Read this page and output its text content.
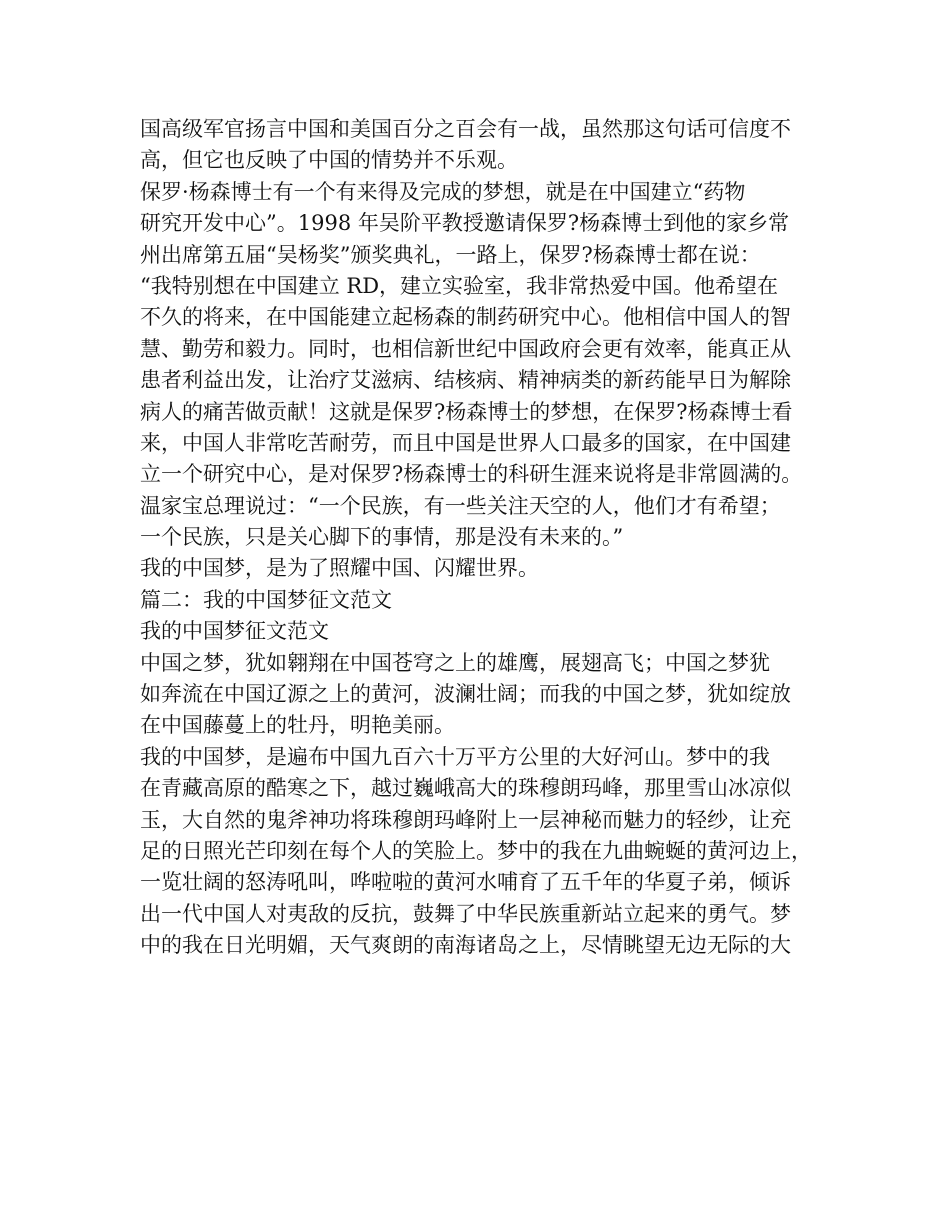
国高级军官扬言中国和美国百分之百会有一战，虽然那这句话可信度不
高，但它也反映了中国的情势并不乐观。
保罗·杨森博士有一个有来得及完成的梦想，就是在中国建立“药物
研究开发中心”。1998 年吴阶平教授邀请保罗?杨森博士到他的家乡常
州出席第五届“吴杨奖”颁奖典礼，一路上，保罗?杨森博士都在说：
“我特别想在中国建立 RD，建立实验室，我非常热爱中国。他希望在
不久的将来，在中国能建立起杨森的制药研究中心。他相信中国人的智
慧、勤劳和毅力。同时，也相信新世纪中国政府会更有效率，能真正从
患者利益出发，让治疗艾滋病、结核病、精神病类的新药能早日为解除
病人的痛苦做贡献！这就是保罗?杨森博士的梦想，在保罗?杨森博士看
来，中国人非常吃苦耐劳，而且中国是世界人口最多的国家，在中国建
立一个研究中心，是对保罗?杨森博士的科研生涯来说将是非常圆满的。
温家宝总理说过：“一个民族，有一些关注天空的人，他们才有希望；
一个民族，只是关心脚下的事情，那是没有未来的。”
我的中国梦，是为了照耀中国、闪耀世界。
篇二：我的中国梦征文范文
我的中国梦征文范文
中国之梦，犹如翱翔在中国苍穹之上的雄鹰，展翅高飞；中国之梦犹
如奔流在中国辽源之上的黄河，波澜壮阔；而我的中国之梦，犹如绽放
在中国藤蔓上的牡丹，明艳美丽。
我的中国梦，是遍布中国九百六十万平方公里的大好河山。梦中的我
在青藏高原的酷寒之下，越过巍峨高大的珠穆朗玛峰，那里雪山冰凉似
玉，大自然的鬼斧神功将珠穆朗玛峰附上一层神秘而魅力的轻纱，让充
足的日照光芒印刻在每个人的笑脸上。梦中的我在九曲蜿蜒的黄河边上，
一览壮阔的怒涛吼叫，哗啦啦的黄河水哺育了五千年的华夏子弟，倾诉
出一代中国人对夷敌的反抗，鼓舞了中华民族重新站立起来的勇气。梦
中的我在日光明媚，天气爽朗的南海诸岛之上，尽情眺望无边无际的大
